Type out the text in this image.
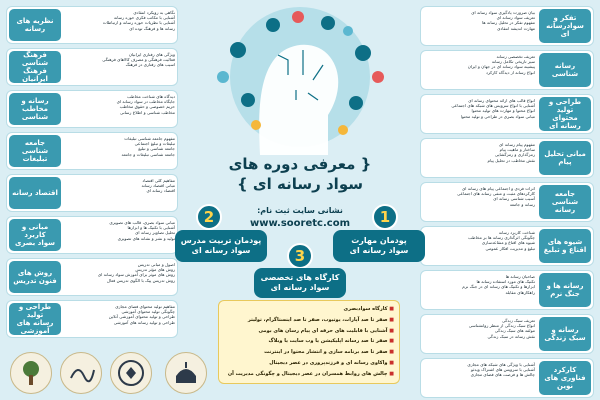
تفکر و
سوادرسانه ای
بیان ضرورت یادگیری سواد رسانه ای
تعریف سواد رسانه ای
مفهوم تفکر در تحلیل رسانه ها
مهارت اندیشه انتقادی
رسانه
شناسی
تعریف تخصصی رسانه
سیر تاریخی تکامل رسانه
پیشینه سواد رسانه ای در جهان و ایران
انواع رسانه از دیدگاه کارکرد
طراحی و تولید
محتوای رسانه ای
انواع قالب های ارائه محتوای رسانه ای
آشنایی با انواع سرویس های شبکه های اجتماعی
انواع محتوا و مهارت های تولید محتوا
مبانی سواد بصری در طراحی و تولید محتوا
مبانی تحلیل
پیام
مفهوم پیام رسانه ای
ساختار و ماهیت پیام
رمزگذاری و رمزگشایی
نقش مخاطب در تحلیل پیام
جامعه شناسی
رسانه
اثرات فردی و اجتماعی پیام های رسانه ای
کارکردهای مثبت و منفی رسانه های اجتماعی
آسیب شناسی رسانه ای
رسانه و جامعه
شیوه های
اقناع و تبلیغ
شناخت کاربرد رسانه
چگونگی اثرگذاری رسانه ها بر مخاطب
شیوه های اقناع و متقاعدسازی
تبلیغ و مدیریت افکار عمومی
رسانه ها و
جنگ نرم
صاحبان رسانه ها
تکنیک های مورد استفاده رسانه ها
ابزارها و تکنیک های رسانه ای در جنگ نرم
راهکارهای مقابله
رسانه و
سبک زندگی
تعریف سبک زندگی
انواع سبک زندگی از منظر روانشناسی
مولفه های سبک زندگی
نقش رسانه در سبک زندگی
کارکرد
فناوری های نوین
آشنایی با ویژگی های شبکه های مجازی
آشنایی با سرویس های اشتراک ویدئو
چالش ها و فرصت های فضای مجازی
نظریه های
رسانه
نگاهی به رویکرد انتقادی
آشنایی با مکاتب فکری حوزه رسانه
آشنایی با نظریات حوزه رسانه و ارتباطات
رسانه ها و فرهنگ توده ای
فرهنگ شناسی
فرهنگ ایرانیان
ویژگی های رفتاری ایرانیان
فعالیت فرهنگی و مصرف کالاهای فرهنگی
اسیب های رفتاری در فرهنگ
رسانه و
مخاطب شناسی
دیدگاه های شناخت مخاطب
جایگاه مخاطب در سواد رسانه ای
حریم خصوصی و حقوق مخاطب
مخاطب شناسی و اطلاع رسانی
جامعه شناسی
تبلیغات
مفهوم جامعه شناسی تبلیغات
تبلیغات و تبلیغ اجتماعی
جامعه شناسی و تبلیغ
جامعه شناسی تبلیغات و جامعه
اقتصاد رسانه
مفاهیم کلی اقتصاد
مبانی اقتصاد رسانه
اقتصاد رسانه ای
مبانی و کاربرد
سواد بصری
مبانی سواد بصری، قالب های تصویری
آشنایی با تکنیک ها و ابزارها
تحلیل تصاویر رسانه ای
تولید و نشر و نشانه های تصویری
روش های
فنون تدریس
اصول و مبانی تدریس
روش های مؤثر تدریس
روش های موثر برای آموزش سواد رسانه ای
روش تدریس پیک با الگوی تدریس فعال
طراحی و تولید
رسانه های آموزشی
مفاهیم تولید محتوای فضای مجازی
چگونگی تولید محتوای آموزشی
طراحی و تولید محتوای آموزشی آنلاین
طراحی و تولید رسانه های آموزشی
{ معرفی دوره های
سواد رسانه ای }
نشانی سایت ثبت نام:
www.sooretc.com	1
پودمان مهارت
سواد رسانه ای
2
پودمان تربیت مدرس
سواد رسانه ای	3
کارگاه های تخصصی
سواد رسانه ای
■ کارگاه سوادبصری
■ صفر تا صد آپارات، یوتیوب، صفر تا صد اینستاگرام، تولیتر
■ آشنایی با قابلیت های حرفه ای پیام رسان های بومی
■ صفر تا صد رسانه اپلیکیشن یا وب سایت یا وبلاگ
■ صفر تا صد برنامه سازی و انتشار محتوا در اینترنت
■ واکاوی رسانه ای و فرزندپروری در عصر دیجیتال
■ چالش های روابط همسران در عصر دیجیتال و چگونگی مدیریت آن
